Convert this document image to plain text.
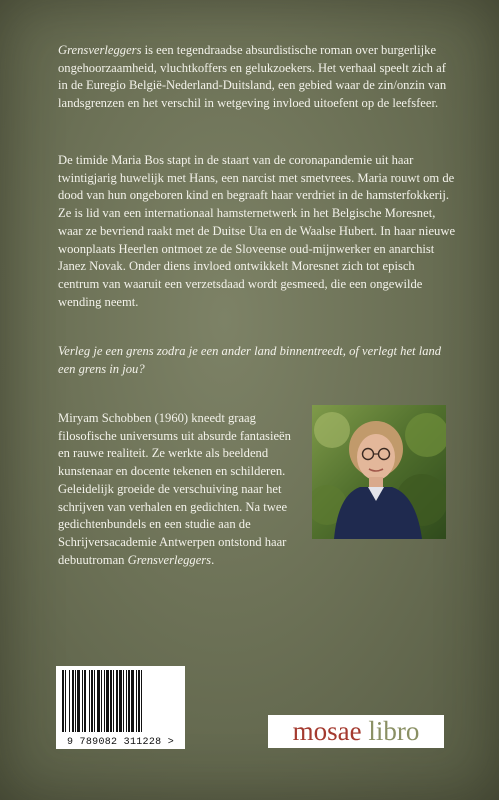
Grensverleggers is een tegendraadse absurdistische roman over burgerlijke ongehoorzaamheid, vluchtkoffers en gelukzoekers. Het verhaal speelt zich af in de Euregio België-Nederland-Duitsland, een gebied waar de zin/onzin van landsgrenzen en het verschil in wetgeving invloed uitoefent op de leefsfeer.

De timide Maria Bos stapt in de staart van de coronapandemie uit haar twintigjarig huwelijk met Hans, een narcist met smetvrees. Maria rouwt om de dood van hun ongeboren kind en begraaft haar verdriet in de hamsterfokkerij. Ze is lid van een internationaal hamsternetwerk in het Belgische Moresnet, waar ze bevriend raakt met de Duitse Uta en de Waalse Hubert. In haar nieuwe woonplaats Heerlen ontmoet ze de Sloveense oud-mijnwerker en anarchist Janez Novak. Onder diens invloed ontwikkelt Moresnet zich tot episch centrum van waaruit een verzetsdaad wordt gesmeed, die een ongewilde wending neemt.

Verleg je een grens zodra je een ander land binnentreedt, of verlegt het land een grens in jou?

Miryam Schobben (1960) kneedt graag filosofische universums uit absurde fantasieën en rauwe realiteit. Ze werkte als beeldend kunstenaar en docente tekenen en schilderen. Geleidelijk groeide de verschuiving naar het schrijven van verhalen en gedichten. Na twee gedichtenbundels en een studie aan de Schrijversacademie Antwerpen ontstond haar debuutroman Grensverleggers.

9 789082 311228 >	mosae libro
